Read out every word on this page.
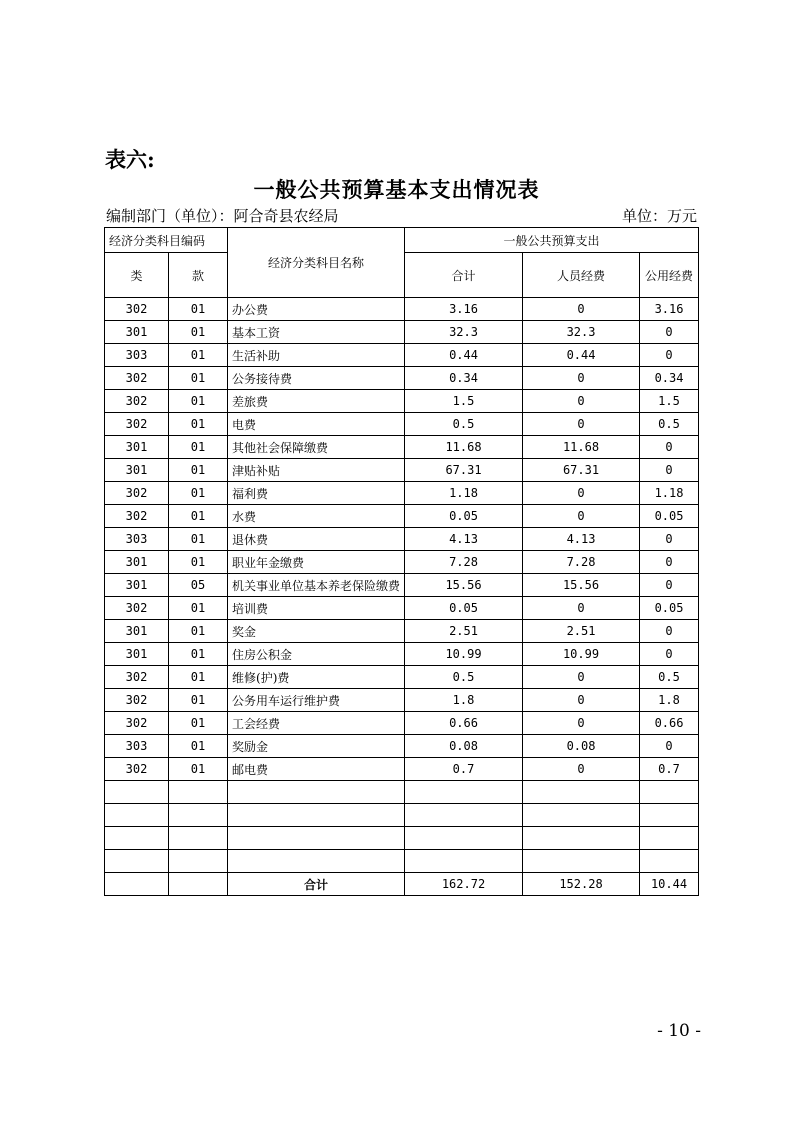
表六:
一般公共预算基本支出情况表
编制部门（单位）：阿合奇县农经局	单位：万元
经济分类科目编码		经济分类科目名称	一般公共预算支出		
类	款		合计	人员经费	公用经费
302	01	办公费	3.16	0	3.16
301	01	基本工资	32.3	32.3	0
303	01	生活补助	0.44	0.44	0
302	01	公务接待费	0.34	0	0.34
302	01	差旅费	1.5	0	1.5
302	01	电费	0.5	0	0.5
301	01	其他社会保障缴费	11.68	11.68	0
301	01	津贴补贴	67.31	67.31	0
302	01	福利费	1.18	0	1.18
302	01	水费	0.05	0	0.05
303	01	退休费	4.13	4.13	0
301	01	职业年金缴费	7.28	7.28	0
301	05	机关事业单位基本养老保险缴费	15.56	15.56	0
302	01	培训费	0.05	0	0.05
301	01	奖金	2.51	2.51	0
301	01	住房公积金	10.99	10.99	0
302	01	维修(护)费	0.5	0	0.5
302	01	公务用车运行维护费	1.8	0	1.8
302	01	工会经费	0.66	0	0.66
303	01	奖励金	0.08	0.08	0
302	01	邮电费	0.7	0	0.7

		合计	162.72	152.28	10.44
- 10 -
